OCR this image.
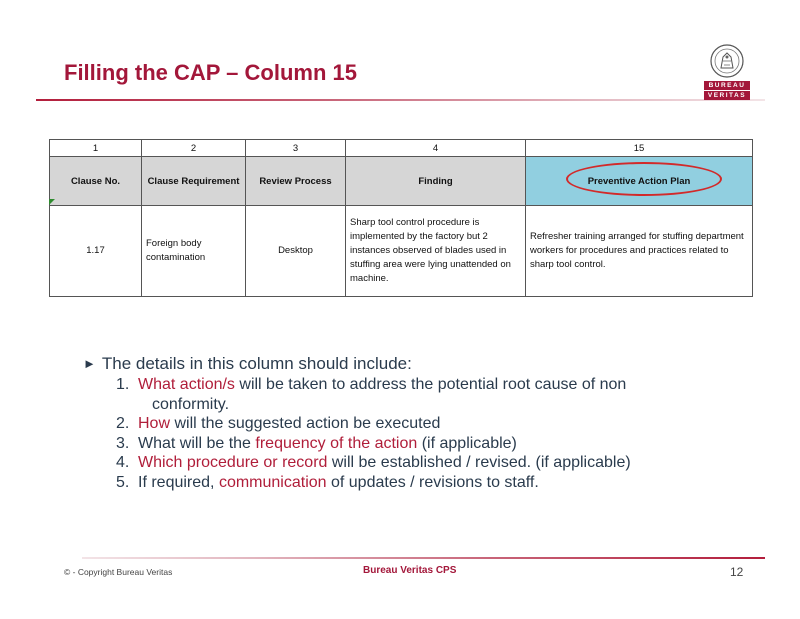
Filling the CAP – Column 15
BUREAU
VERITAS
1	2	3	4	15
Clause No.	Clause Requirement	Review Process	Finding	Preventive Action Plan
1.17	Foreign body contamination	Desktop	Sharp tool control procedure is implemented by the factory but 2 instances observed of blades used in stuffing area were lying unattended on machine.	Refresher training arranged for stuffing department workers for procedures and practices related to sharp tool control.
► The details in this column should include:
1. What action/s will be taken to address the potential root cause of non
conformity.
2. How will the suggested action be executed
3. What will be the frequency of the action (if applicable)
4. Which procedure or record will be established / revised. (if applicable)
5. If required, communication of updates / revisions to staff.
© - Copyright Bureau Veritas	Bureau Veritas CPS	12
